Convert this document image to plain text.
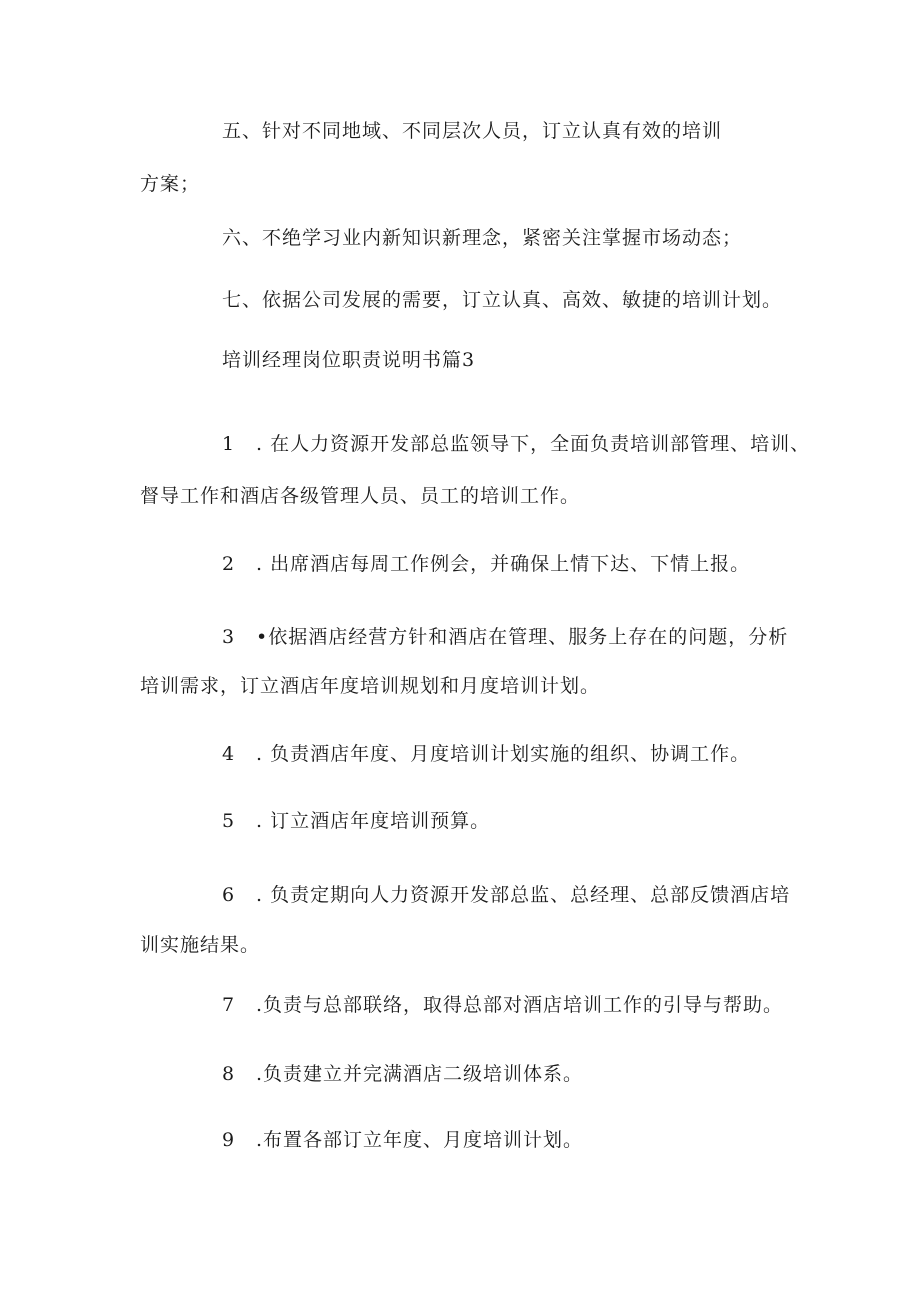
五、针对不同地域、不同层次人员，订立认真有效的培训
方案；
六、不绝学习业内新知识新理念，紧密关注掌握市场动态；
七、依据公司发展的需要，订立认真、高效、敏捷的培训计划。
培训经理岗位职责说明书篇3
1 . 在人力资源开发部总监领导下，全面负责培训部管理、培训、
督导工作和酒店各级管理人员、员工的培训工作。
2 . 出席酒店每周工作例会，并确保上情下达、下情上报。
3 •依据酒店经营方针和酒店在管理、服务上存在的问题，分析
培训需求，订立酒店年度培训规划和月度培训计划。
4 . 负责酒店年度、月度培训计划实施的组织、协调工作。
5 . 订立酒店年度培训预算。
6 . 负责定期向人力资源开发部总监、总经理、总部反馈酒店培
训实施结果。
7 .负责与总部联络，取得总部对酒店培训工作的引导与帮助。
8 .负责建立并完满酒店二级培训体系。
9 .布置各部订立年度、月度培训计划。
